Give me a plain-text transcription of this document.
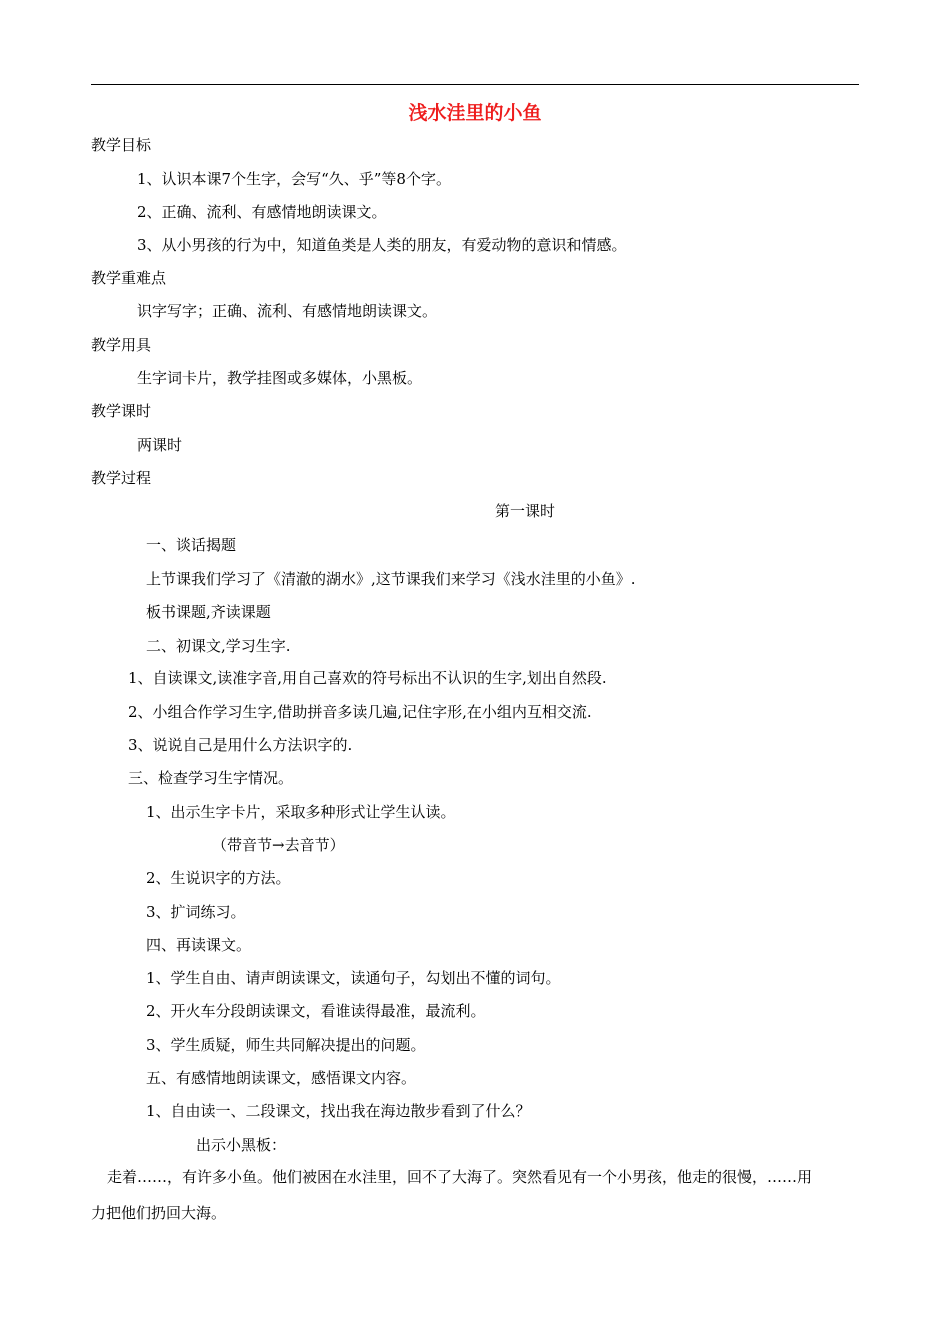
浅水洼里的小鱼
教学目标
1、认识本课7个生字，会写“久、乎”等8个字。
2、正确、流利、有感情地朗读课文。
3、从小男孩的行为中，知道鱼类是人类的朋友，有爱动物的意识和情感。
教学重难点
识字写字；正确、流利、有感情地朗读课文。
教学用具
生字词卡片，教学挂图或多媒体，小黑板。
教学课时
两课时
教学过程
第一课时
一、谈话揭题
上节课我们学习了《清澈的湖水》,这节课我们来学习《浅水洼里的小鱼》.
板书课题,齐读课题
二、初课文,学习生字.
1、自读课文,读准字音,用自己喜欢的符号标出不认识的生字,划出自然段.
2、小组合作学习生字,借助拼音多读几遍,记住字形,在小组内互相交流.
3、说说自己是用什么方法识字的.
三、检查学习生字情况。
1、出示生字卡片，采取多种形式让学生认读。
（带音节→去音节）
2、生说识字的方法。
3、扩词练习。
四、再读课文。
1、学生自由、请声朗读课文，读通句子，勾划出不懂的词句。
2、开火车分段朗读课文，看谁读得最准，最流利。
3、学生质疑，师生共同解决提出的问题。
五、有感情地朗读课文，感悟课文内容。
1、自由读一、二段课文，找出我在海边散步看到了什么？
出示小黑板：
走着……，有许多小鱼。他们被困在水洼里，回不了大海了。突然看见有一个小男孩，他走的很慢，……用
力把他们扔回大海。
